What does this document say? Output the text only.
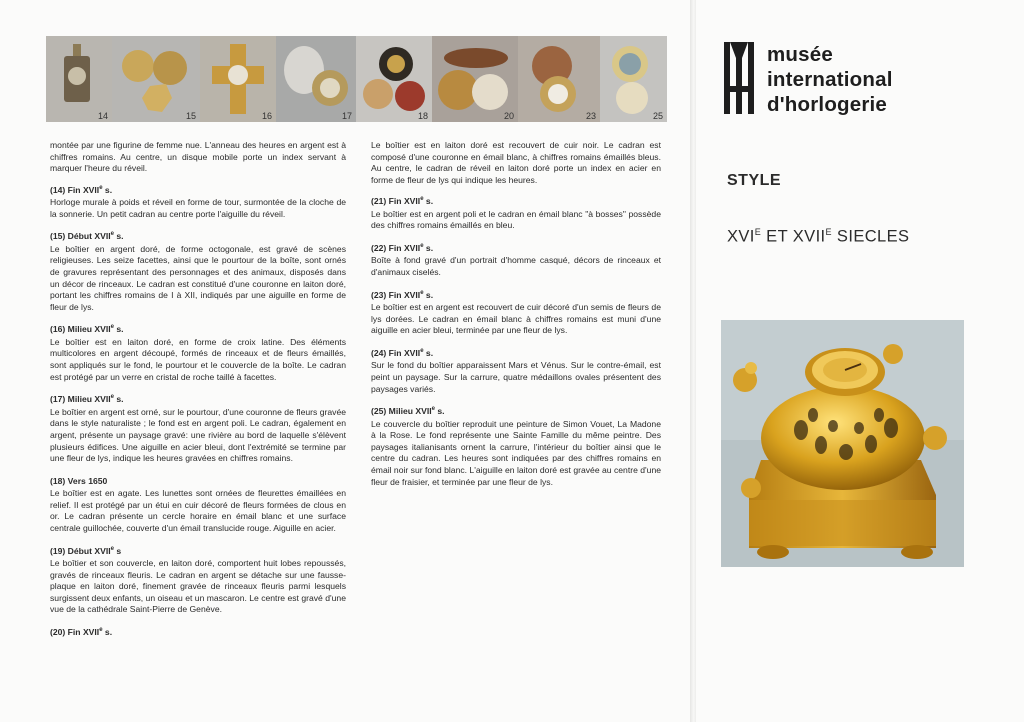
14	15	16	17	18	20	23	25

montée par une figurine de femme nue. L'anneau des heures en argent est à chiffres romains. Au centre, un disque mobile porte un index servant à marquer l'heure du réveil.

(14) Fin XVIIe s.

Horloge murale à poids et réveil en forme de tour, surmontée de la cloche de la sonnerie. Un petit cadran au centre porte l'aiguille du réveil.

(15) Début XVIIe s.

Le boîtier en argent doré, de forme octogonale, est gravé de scènes religieuses. Les seize facettes, ainsi que le pourtour de la boîte, sont ornés de gravures représentant des personnages et des animaux, disposés dans un décor de rinceaux. Le cadran est constitué d'une couronne en laiton doré, portant les chiffres romains de I à XII, indiqués par une aiguille en forme de fleur de lys.

(16) Milieu XVIIe s.

Le boîtier est en laiton doré, en forme de croix latine. Des éléments multicolores en argent découpé, formés de rinceaux et de fleurs émaillés, sont appliqués sur le fond, le pourtour et le couvercle de la boîte. Le cadran est protégé par un verre en cristal de roche taillé à facettes.

(17) Milieu XVIIe s.

Le boîtier en argent est orné, sur le pourtour, d'une couronne de fleurs gravée dans le style naturaliste ; le fond est en argent poli. Le cadran, également en argent, présente un paysage gravé: une rivière au bord de laquelle s'élèvent plusieurs édifices. Une aiguille en acier bleui, dont l'extrémité se termine par une fleur de lys, indique les heures gravées en chiffres romains.

(18) Vers 1650

Le boîtier est en agate. Les lunettes sont ornées de fleurettes émaillées en relief. Il est protégé par un étui en cuir décoré de fleurs formées de clous en or. Le cadran présente un cercle horaire en émail blanc et une surface centrale guillochée, couverte d'un émail translucide rouge. Aiguille en acier.

(19) Début XVIIe s

Le boîtier et son couvercle, en laiton doré, comportent huit lobes repoussés, gravés de rinceaux fleuris. Le cadran en argent se détache sur une fausse-plaque en laiton doré, finement gravée de rinceaux fleuris parmi lesquels surgissent deux enfants, un oiseau et un mascaron. Le centre est gravé d'une vue de la cathédrale Saint-Pierre de Genève.

(20) Fin XVIIe s.

Le boîtier est en laiton doré est recouvert de cuir noir. Le cadran est composé d'une couronne en émail blanc, à chiffres romains émaillés bleus. Au centre, le cadran de réveil en laiton doré porte un index en acier en forme de fleur de lys qui indique les heures.

(21) Fin XVIIe s.

Le boîtier est en argent poli et le cadran en émail blanc "à bosses" possède des chiffres romains émaillés en bleu.

(22) Fin XVIIe s.

Boîte à fond gravé d'un portrait d'homme casqué, décors de rinceaux et d'animaux ciselés.

(23) Fin XVIIe s.

Le boîtier est en argent est recouvert de cuir décoré d'un semis de fleurs de lys dorées. Le cadran en émail blanc à chiffres romains est muni d'une aiguille en acier bleui, terminée par une fleur de lys.

(24) Fin XVIIe s.

Sur le fond du boîtier apparaissent Mars et Vénus. Sur le contre-émail, est peint un paysage. Sur la carrure, quatre médaillons ovales présentent des paysages variés.

(25) Milieu XVIIe s.

Le couvercle du boîtier reproduit une peinture de Simon Vouet, La Madone à la Rose. Le fond représente une Sainte Famille du même peintre. Des paysages italianisants ornent la carrure, l'intérieur du boîtier ainsi que le centre du cadran. Les heures sont indiquées par des chiffres romains en émail noir sur fond blanc. L'aiguille en laiton doré est gravée au centre d'une fleur de fraisier, et terminée par une fleur de lys.

musée
international
d'horlogerie
STYLE
$XVI^E$ ET $XVII^E$ SIECLES
